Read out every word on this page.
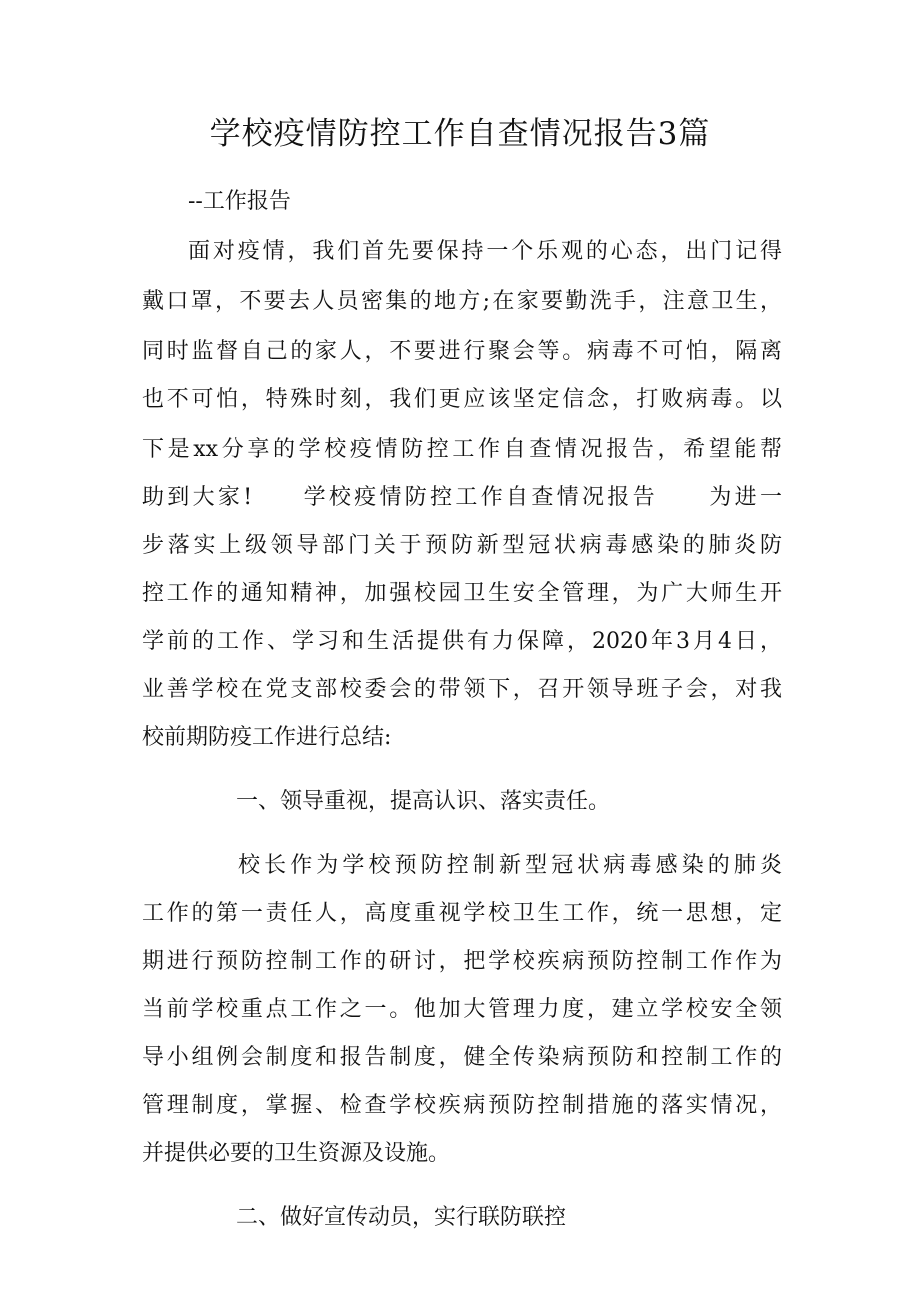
学校疫情防控工作自查情况报告3篇
--工作报告
面对疫情，我们首先要保持一个乐观的心态，出门记得
戴口罩，不要去人员密集的地方;在家要勤洗手，注意卫生，
同时监督自己的家人，不要进行聚会等。病毒不可怕，隔离
也不可怕，特殊时刻，我们更应该坚定信念，打败病毒。以
下是xx分享的学校疫情防控工作自查情况报告，希望能帮
助到大家!     学校疫情防控工作自查情况报告     为进一
步落实上级领导部门关于预防新型冠状病毒感染的肺炎防
控工作的通知精神，加强校园卫生安全管理，为广大师生开
学前的工作、学习和生活提供有力保障，2020年3月4日，
业善学校在党支部校委会的带领下，召开领导班子会，对我
校前期防疫工作进行总结:
一、领导重视，提高认识、落实责任。
校长作为学校预防控制新型冠状病毒感染的肺炎
工作的第一责任人，高度重视学校卫生工作，统一思想，定
期进行预防控制工作的研讨，把学校疾病预防控制工作作为
当前学校重点工作之一。他加大管理力度，建立学校安全领
导小组例会制度和报告制度，健全传染病预防和控制工作的
管理制度，掌握、检查学校疾病预防控制措施的落实情况，
并提供必要的卫生资源及设施。
二、做好宣传动员，实行联防联控
